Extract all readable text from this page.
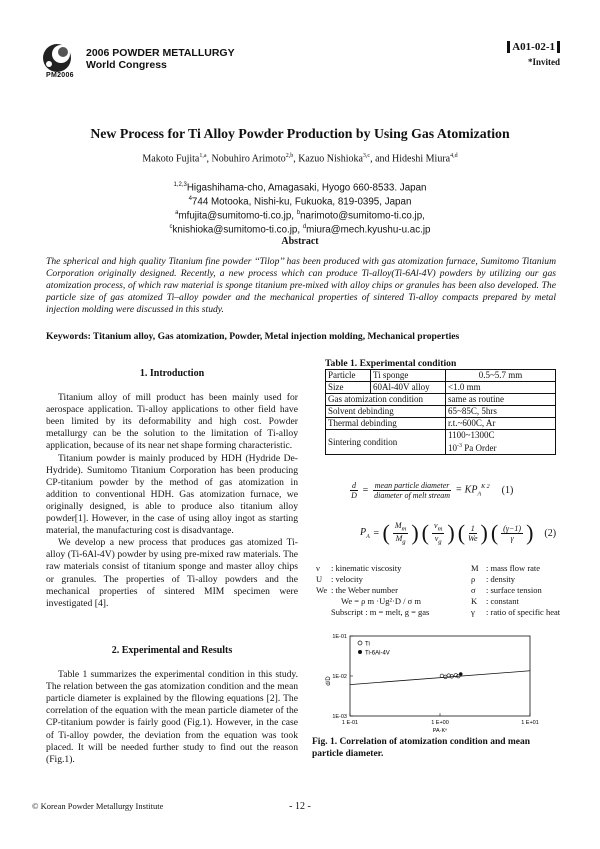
PM2006
2006 POWDER METALLURGY
World Congress
A01-02-1
*Invited
New Process for Ti Alloy Powder Production by Using Gas Atomization
Makoto Fujita$^{1,a}$, Nobuhiro Arimoto$^{2,b}$, Kazuo Nishioka$^{3,c}$, and Hideshi Miura$^{4,d}$
$^{1,2,3}$Higashihama-cho, Amagasaki, Hyogo 660-8533. Japan
$^4$744 Motooka, Nishi-ku, Fukuoka, 819-0395, Japan
$^a$mfujita@sumitomo-ti.co.jp, $^b$narimoto@sumitomo-ti.co.jp,
$^c$knishioka@sumitomo-ti.co.jp, $^d$miura@mech.kyushu-u.ac.jp
Abstract
The spherical and high quality Titanium fine powder ‘‘Tilop’’ has been produced with gas atomization furnace, Sumitomo Titanium Corporation originally designed. Recently, a new process which can produce Ti-alloy(Ti-6Al-4V) powders by utilizing our gas atomization process, of which raw material is sponge titanium pre-mixed with alloy chips or granules has been also developed. The particle size of gas atomized Ti–alloy powder and the mechanical properties of sintered Ti-alloy compacts prepared by metal injection molding were discussed in this study.
Keywords: Titanium alloy, Gas atomization, Powder, Metal injection molding, Mechanical properties
1. Introduction

Titanium alloy of mill product has been mainly used for aerospace application. Ti-alloy applications to other field have been limited by its deformability and high cost. Powder metallurgy can be the solution to the limitation of Ti-alloy application, because of its near net shape forming characteristic.

Titanium powder is mainly produced by HDH (Hydride De-Hydride). Sumitomo Titanium Corporation has been producing CP-titanium powder by the method of gas atomization in addition to conventional HDH. Gas atomization furnace, we originally designed, is able to produce also titanium alloy powder[1]. However, in the case of using alloy ingot as starting material, the manufacturing cost is disadvantage.

We develop a new process that produces gas atomized Ti-alloy (Ti-6Al-4V) powder by using pre-mixed raw materials. The raw materials consist of titanium sponge and master alloy chips or granules. The properties of Ti-alloy powders and the mechanical properties of sintered MIM specimen were investigated [4].

2. Experimental and Results

Table 1 summarizes the experimental condition in this study. The relation between the gas atomization condition and the mean particle diameter is explained by the fllowing equations [2]. The correlation of the equation with the mean particle diameter of the CP-titanium powder is fairly good (Fig.1). However, in the case of Ti-alloy powder, the deviation from the equation was took placed. It will be needed further study to find out the reason (Fig.1).

Table 1. Experimental condition
Particle	Ti sponge	0.5~5.7 mm
Size	60Al-40V alloy	<1.0 mm
Gas atomization condition		same as routine
Solvent debinding		65~85C, 5hrs
Thermal debinding		r.t.~600C, Ar
Sintering condition		1100~1300C
$10^{-3}$ Pa Order
$\frac{d}{D} = \frac{\text{mean particle diameter}}{\text{diameter of melt stream}} = KP_A^{K 2}$ (1)
$P_A$ = ( $\frac{M_m}{M_g}$ ) ( $\frac{\nu_m}{\nu_g}$ ) ( $\frac{1}{We}$ ) ( $\frac{(\gamma-1)}{\gamma}$ ) (2)
ν	: kinematic viscosity	M : mass flow rate
U	: velocity	ρ	: density
We : the Weber number	σ	: surface tension
We = ρ m ·Ug²·D / σ m	K	: constant
Subscript : m = melt, g = gas	γ	: ratio of specific heat
1E-01
1E-02
1E-03
1 E-01	1 E+00	1 E+01
Ti
Ti-6Al-4V
d/D
PA·Kⁿ
Fig. 1. Correlation of atomization condition and mean particle diameter.
© Korean Powder Metallurgy Institute	- 12 -
